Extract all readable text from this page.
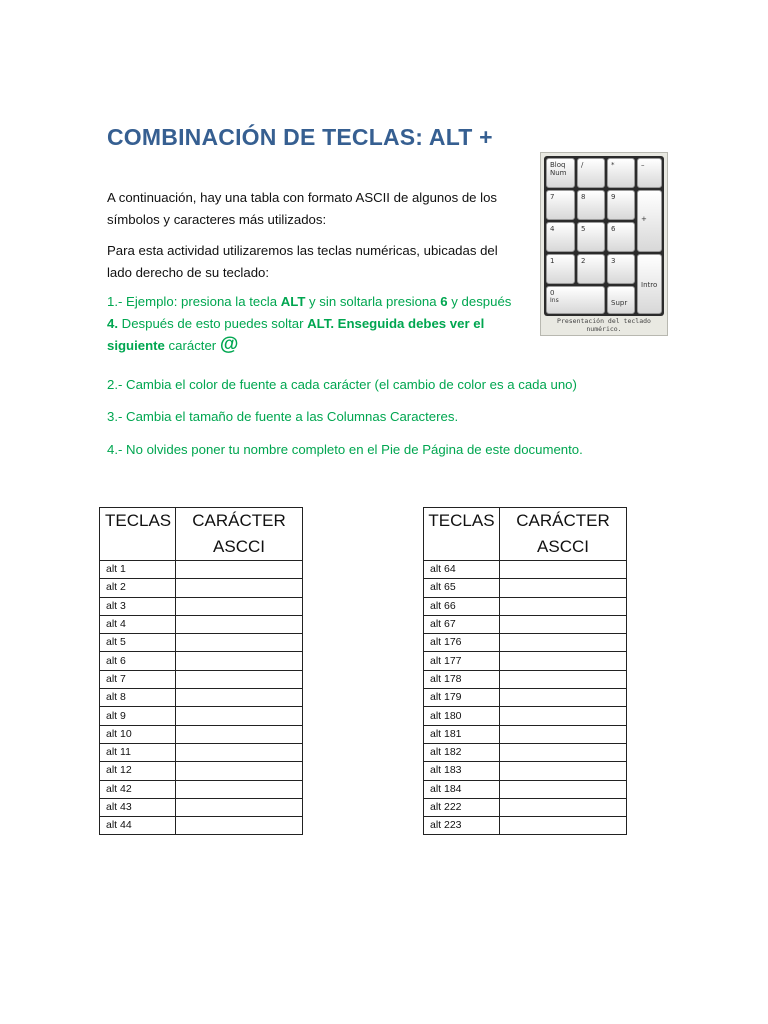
COMBINACIÓN DE TECLAS: ALT +

A continuación, hay una tabla con formato ASCII de algunos de los símbolos y caracteres más utilizados:

Para esta actividad utilizaremos las teclas numéricas, ubicadas del lado derecho de su teclado:

1.- Ejemplo: presiona la tecla ALT y sin soltarla presiona 6 y después 4. Después de esto puedes soltar ALT. Enseguida debes ver el siguiente carácter @

2.- Cambia el color de fuente a cada carácter (el cambio de color es a cada uno)

3.- Cambia el tamaño de fuente a las Columnas Caracteres.

4.- No olvides poner tu nombre completo en el Pie de Página de este documento.

Bloq Num
/	*	–
7	8	9
+
4	5	6
1	2	3
Intro
0
Ins	Supr
Presentación del teclado
numérico.
TECLAS	CARÁCTER
ASCCI

alt 1	
alt 2	
alt 3	
alt 4	
alt 5	
alt 6	
alt 7	
alt 8	
alt 9	
alt 10	
alt 11	
alt 12	
alt 42	
alt 43	
alt 44	
TECLAS	CARÁCTER
ASCCI

alt 64	
alt 65	
alt 66	
alt 67	
alt 176	
alt 177	
alt 178	
alt 179	
alt 180	
alt 181	
alt 182	
alt 183	
alt 184	
alt 222	
alt 223	
